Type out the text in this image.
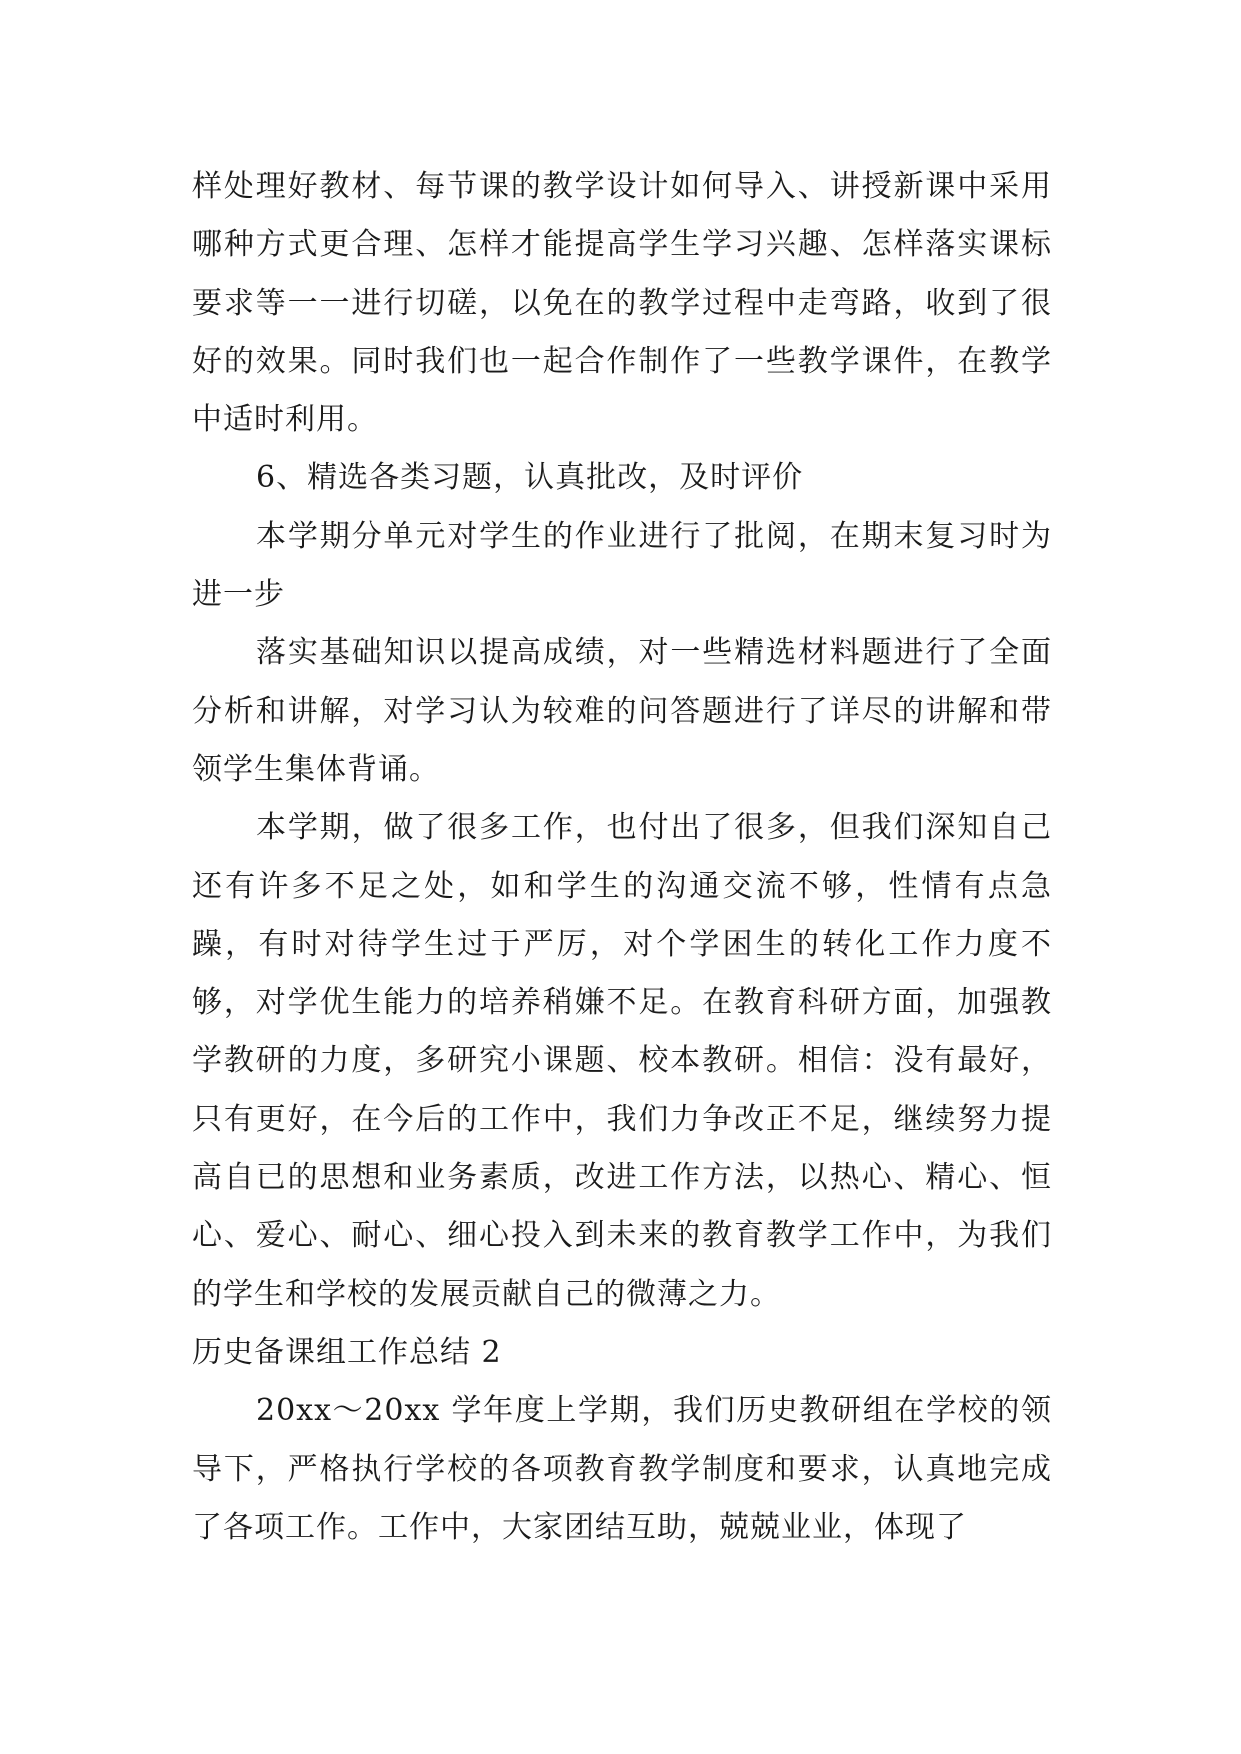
样处理好教材、每节课的教学设计如何导入、讲授新课中采用哪种方式更合理、怎样才能提高学生学习兴趣、怎样落实课标要求等一一进行切磋，以免在的教学过程中走弯路，收到了很好的效果。同时我们也一起合作制作了一些教学课件，在教学中适时利用。

6、精选各类习题，认真批改，及时评价

本学期分单元对学生的作业进行了批阅，在期末复习时为进一步

落实基础知识以提高成绩，对一些精选材料题进行了全面分析和讲解，对学习认为较难的问答题进行了详尽的讲解和带领学生集体背诵。

本学期，做了很多工作，也付出了很多，但我们深知自己还有许多不足之处，如和学生的沟通交流不够，性情有点急躁，有时对待学生过于严厉，对个学困生的转化工作力度不够，对学优生能力的培养稍嫌不足。在教育科研方面，加强教学教研的力度，多研究小课题、校本教研。相信：没有最好，只有更好，在今后的工作中，我们力争改正不足，继续努力提高自已的思想和业务素质，改进工作方法，以热心、精心、恒心、爱心、耐心、细心投入到未来的教育教学工作中，为我们的学生和学校的发展贡献自己的微薄之力。

历史备课组工作总结 2

20xx～20xx 学年度上学期，我们历史教研组在学校的领导下，严格执行学校的各项教育教学制度和要求，认真地完成了各项工作。工作中，大家团结互助，兢兢业业，体现了
